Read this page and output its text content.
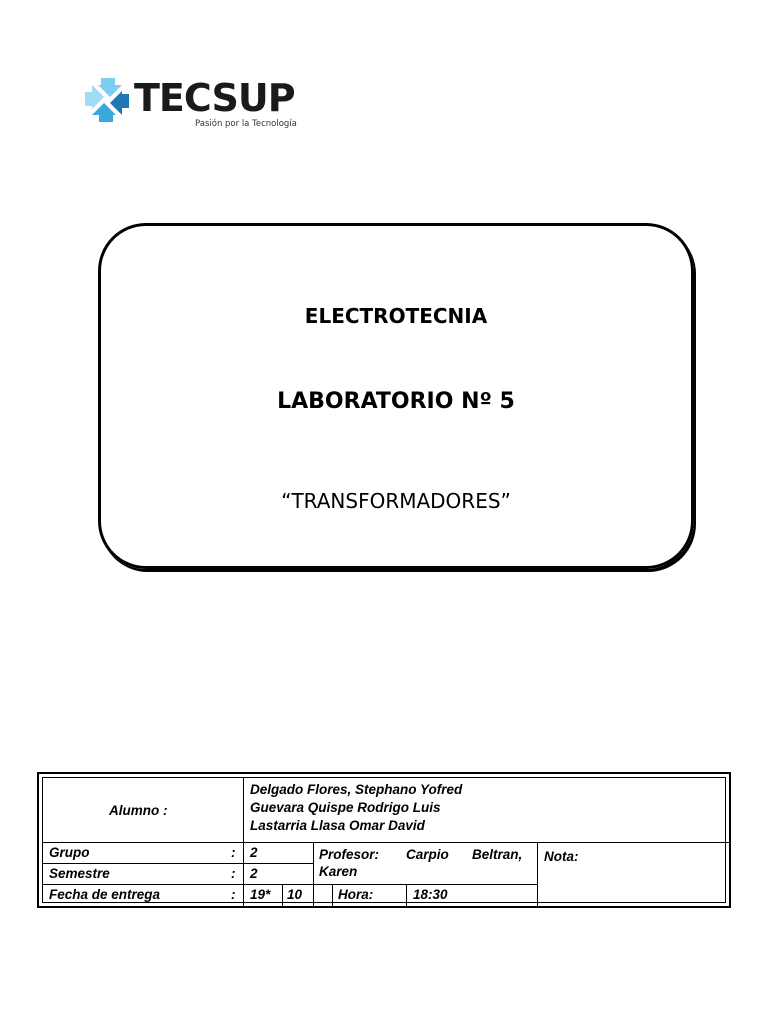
TECSUP
Pasión por la Tecnología
ELECTROTECNIA
LABORATORIO Nº 5
“TRANSFORMADORES”
Alumno :
Delgado Flores, Stephano Yofred
Guevara Quispe Rodrigo Luis
Lastarria Llasa Omar David
Grupo	: 2
Semestre	: 2
Fecha de entrega	: 19* 10
Profesor: Carpio Beltran,
Karen
Hora:	18:30
Nota:
